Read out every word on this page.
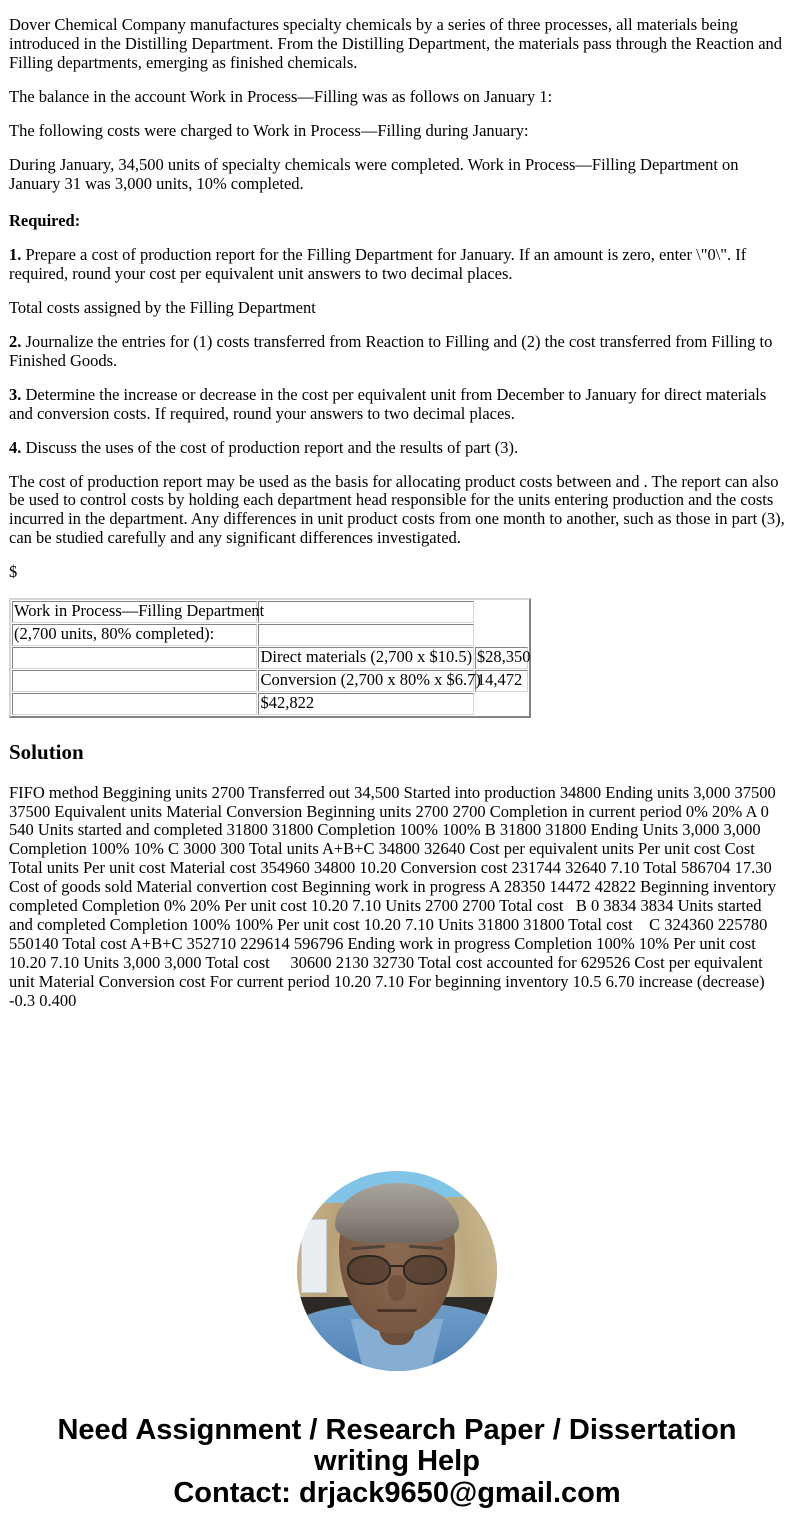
Dover Chemical Company manufactures specialty chemicals by a series of three processes, all materials being introduced in the Distilling Department. From the Distilling Department, the materials pass through the Reaction and Filling departments, emerging as finished chemicals.

The balance in the account Work in Process—Filling was as follows on January 1:

The following costs were charged to Work in Process—Filling during January:

During January, 34,500 units of specialty chemicals were completed. Work in Process—Filling Department on January 31 was 3,000 units, 10% completed.

Required:

1. Prepare a cost of production report for the Filling Department for January. If an amount is zero, enter \"0\". If required, round your cost per equivalent unit answers to two decimal places.

Total costs assigned by the Filling Department

2. Journalize the entries for (1) costs transferred from Reaction to Filling and (2) the cost transferred from Filling to Finished Goods.

3. Determine the increase or decrease in the cost per equivalent unit from December to January for direct materials and conversion costs. If required, round your answers to two decimal places.

4. Discuss the uses of the cost of production report and the results of part (3).

The cost of production report may be used as the basis for allocating product costs between and . The report can also be used to control costs by holding each department head responsible for the units entering production and the costs incurred in the department. Any differences in unit product costs from one month to another, such as those in part (3), can be studied carefully and any significant differences investigated.

$

Work in Process—Filling Department		
(2,700 units, 80% completed):		
	Direct materials (2,700 x $10.5)	$28,350
	Conversion (2,700 x 80% x $6.7)	14,472
	$42,822	
Solution

FIFO method Beggining units 2700 Transferred out 34,500 Started into production 34800 Ending units 3,000 37500 37500 Equivalent units Material Conversion Beginning units 2700 2700 Completion in current period 0% 20% A 0 540 Units started and completed 31800 31800 Completion 100% 100% B 31800 31800 Ending Units 3,000 3,000 Completion 100% 10% C 3000 300 Total units A+B+C 34800 32640 Cost per equivalent units Per unit cost Cost Total units Per unit cost Material cost 354960 34800 10.20 Conversion cost 231744 32640 7.10 Total 586704 17.30 Cost of goods sold Material convertion cost Beginning work in progress A 28350 14472 42822 Beginning inventory completed Completion 0% 20% Per unit cost 10.20 7.10 Units 2700 2700 Total cost   B 0 3834 3834 Units started and completed Completion 100% 100% Per unit cost 10.20 7.10 Units 31800 31800 Total cost    C 324360 225780 550140 Total cost A+B+C 352710 229614 596796 Ending work in progress Completion 100% 10% Per unit cost 10.20 7.10 Units 3,000 3,000 Total cost     30600 2130 32730 Total cost accounted for 629526 Cost per equivalent unit Material Conversion cost For current period 10.20 7.10 For beginning inventory 10.5 6.70 increase (decrease) -0.3 0.400

Need Assignment / Research Paper / Dissertation
writing Help
Contact: drjack9650@gmail.com
